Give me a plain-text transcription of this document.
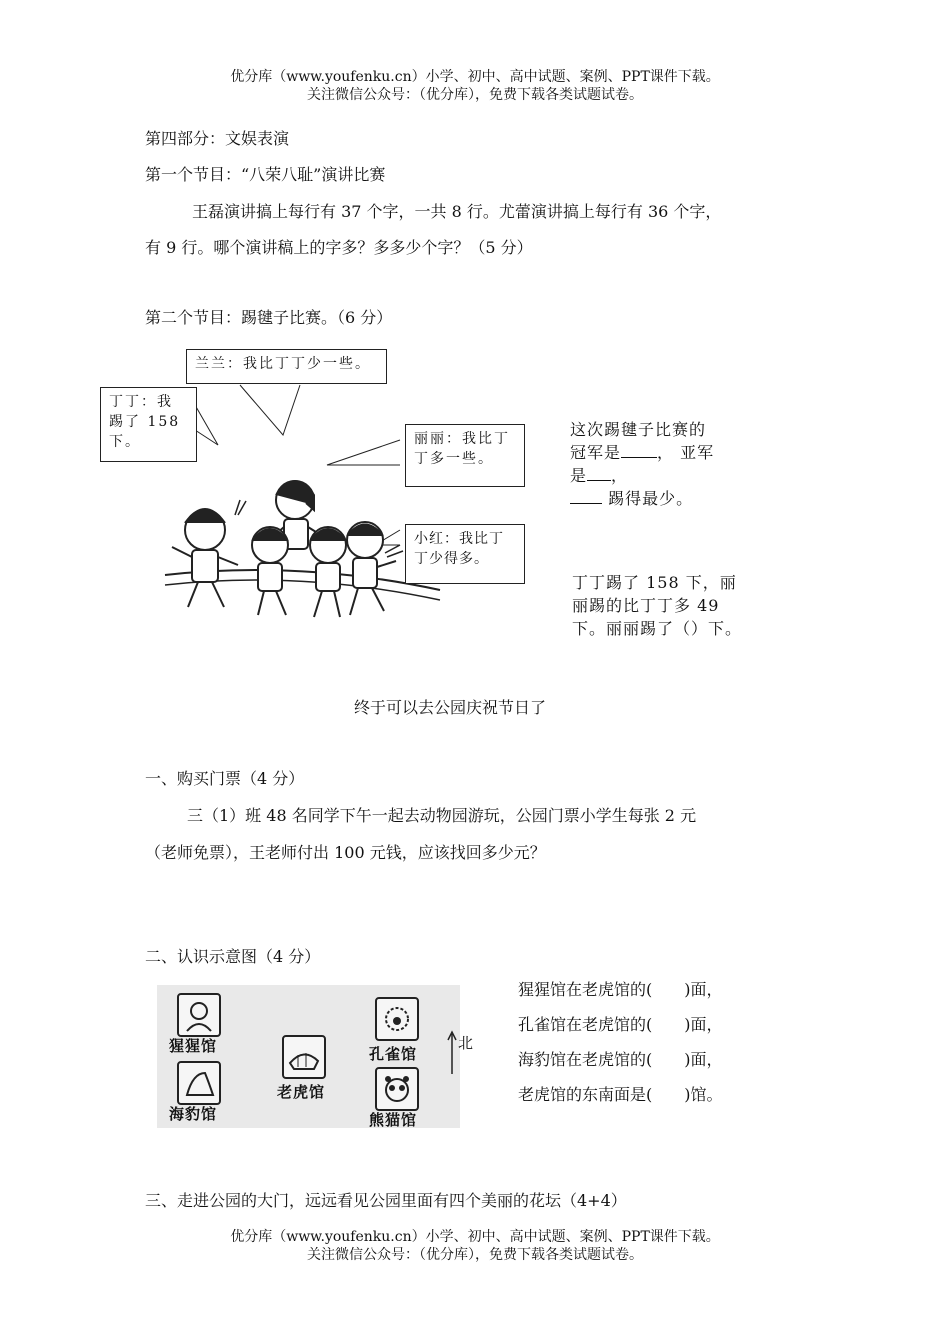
优分库（www.youfenku.cn）小学、初中、高中试题、案例、PPT课件下载。
关注微信公众号：（优分库），免费下载各类试题试卷。
第四部分：文娱表演
第一个节目：“八荣八耻”演讲比赛
王磊演讲搞上每行有 37 个字，一共 8 行。尤蕾演讲搞上每行有 36 个字，
有 9 行。哪个演讲稿上的字多？多多少个字？（5 分）
第二个节目：踢毽子比赛。（6 分）
兰兰：我比丁丁少一些。
丁丁：我踢了 158 下。	丽丽：我比丁丁多一些。
小红：我比丁丁少得多。
这次踢毽子比赛的
冠军是 ， 亚军
是 ，
踢得最少。
丁丁踢了 158 下，丽
丽踢的比丁丁多 49
下。丽丽踢了（）下。
终于可以去公园庆祝节日了
一、购买门票（4 分）
三（1）班 48 名同学下午一起去动物园游玩，公园门票小学生每张 2 元
（老师免票），王老师付出 100 元钱，应该找回多少元？
二、认识示意图（4 分）
猩猩馆	孔雀馆
老虎馆
海豹馆	熊猫馆
北
猩猩馆在老虎馆的(　　)面，
孔雀馆在老虎馆的(　　)面，
海豹馆在老虎馆的(　　)面，
老虎馆的东南面是(　　)馆。
三、走进公园的大门，远远看见公园里面有四个美丽的花坛（4+4）
优分库（www.youfenku.cn）小学、初中、高中试题、案例、PPT课件下载。
关注微信公众号：（优分库），免费下载各类试题试卷。
